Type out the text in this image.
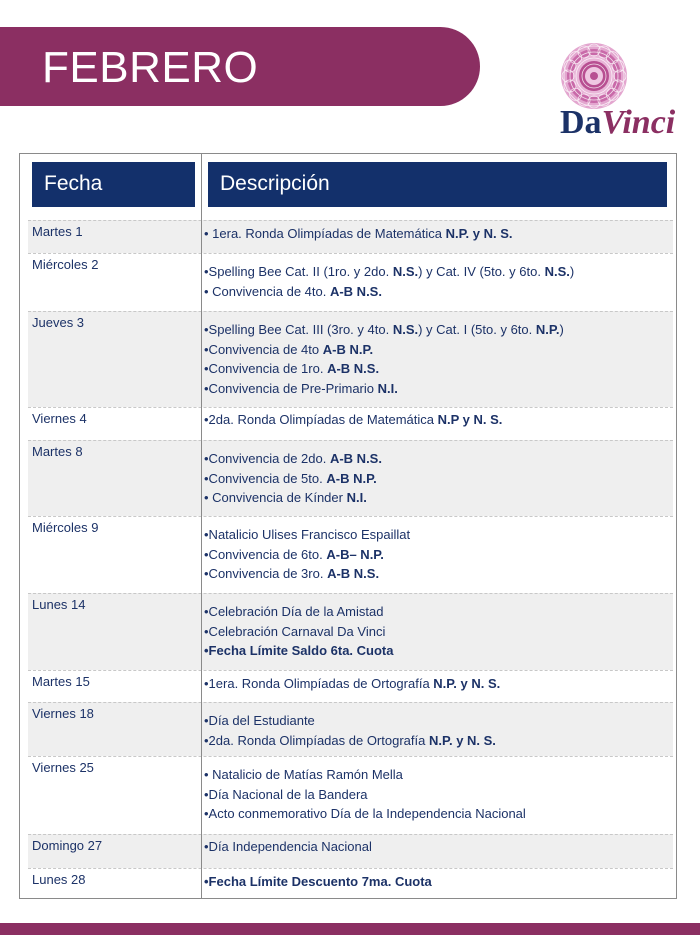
FEBRERO
DaVinci
Fecha	Descripción
Martes 1	• 1era. Ronda Olimpíadas de Matemática N.P. y N. S.
Miércoles 2	•Spelling Bee Cat. II (1ro. y 2do. N.S.) y Cat. IV (5to. y 6to. N.S.)
• Convivencia de 4to. A-B N.S.
Jueves 3	•Spelling Bee Cat. III (3ro. y 4to. N.S.) y Cat. I (5to. y 6to. N.P.)
•Convivencia de 4to A-B N.P.
•Convivencia de 1ro. A-B N.S.
•Convivencia de Pre-Primario N.I.
Viernes 4	•2da. Ronda Olimpíadas de Matemática N.P y N. S.
Martes 8	•Convivencia de 2do. A-B N.S.
•Convivencia de 5to. A-B N.P.
• Convivencia de Kínder N.I.
Miércoles 9	•Natalicio Ulises Francisco Espaillat
•Convivencia de 6to. A-B– N.P.
•Convivencia de 3ro. A-B N.S.
Lunes 14	•Celebración Día de la Amistad
•Celebración Carnaval Da Vinci
•Fecha Límite Saldo 6ta. Cuota
Martes 15	•1era. Ronda Olimpíadas de Ortografía N.P. y N. S.
Viernes 18	•Día del Estudiante
•2da. Ronda Olimpíadas de Ortografía N.P. y N. S.
Viernes 25	• Natalicio de Matías Ramón Mella
•Día Nacional de la Bandera
•Acto conmemorativo Día de la Independencia Nacional
Domingo 27	•Día Independencia Nacional
Lunes 28	•Fecha Límite Descuento 7ma. Cuota
